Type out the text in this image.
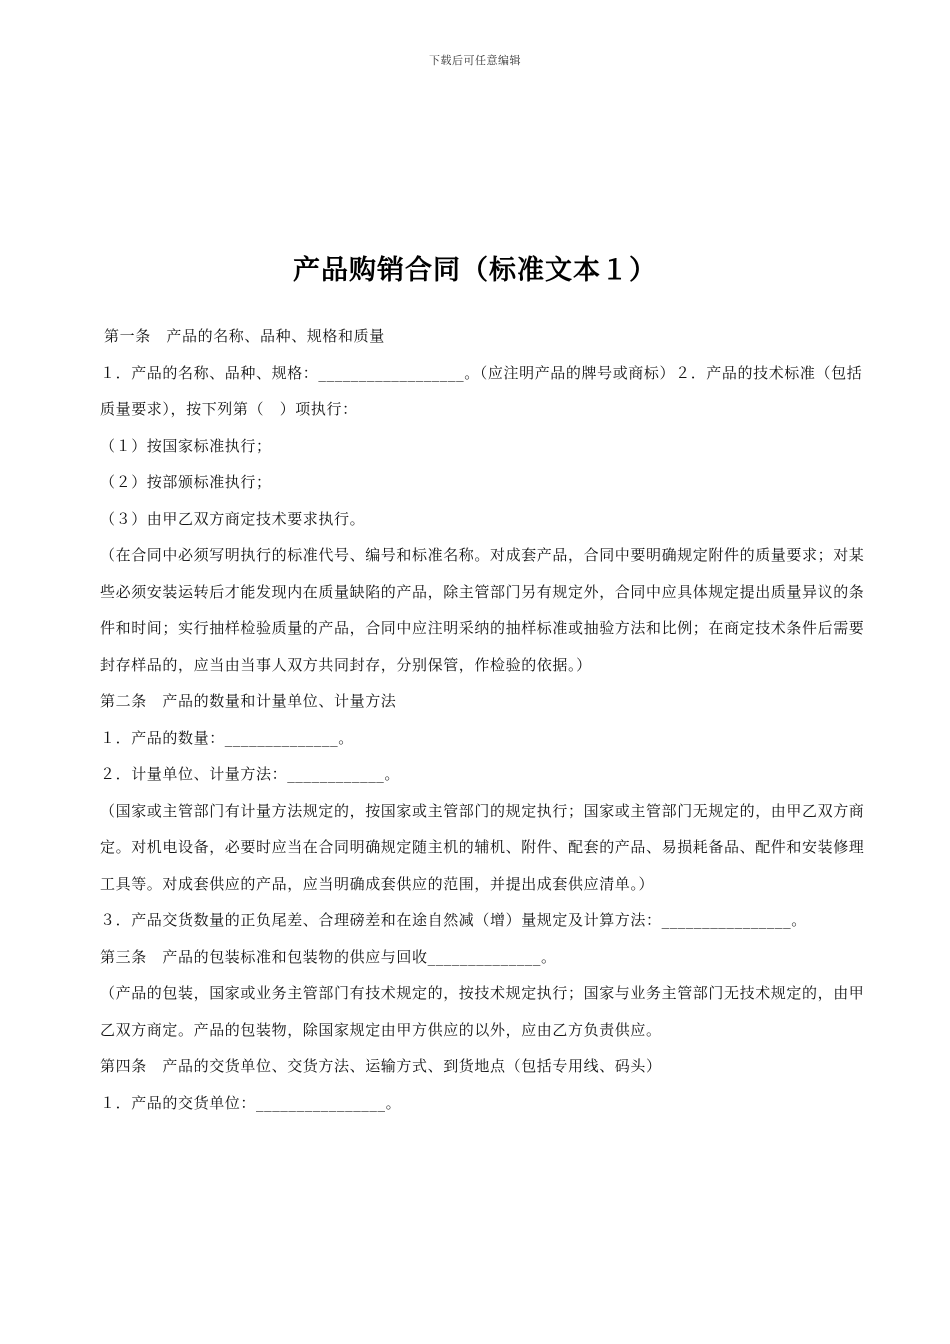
下载后可任意编辑
产品购销合同（标准文本１）

第一条　产品的名称、品种、规格和质量

１．产品的名称、品种、规格：__________________。（应注明产品的牌号或商标）２．产品的技术标准（包括质量要求），按下列第（　）项执行：

（１）按国家标准执行；

（２）按部颁标准执行；

（３）由甲乙双方商定技术要求执行。

（在合同中必须写明执行的标准代号、编号和标准名称。对成套产品，合同中要明确规定附件的质量要求；对某些必须安装运转后才能发现内在质量缺陷的产品，除主管部门另有规定外，合同中应具体规定提出质量异议的条件和时间；实行抽样检验质量的产品，合同中应注明采纳的抽样标准或抽验方法和比例；在商定技术条件后需要封存样品的，应当由当事人双方共同封存，分别保管，作检验的依据。）

第二条　产品的数量和计量单位、计量方法

１．产品的数量：______________。

２．计量单位、计量方法：____________。

（国家或主管部门有计量方法规定的，按国家或主管部门的规定执行；国家或主管部门无规定的，由甲乙双方商定。对机电设备，必要时应当在合同明确规定随主机的辅机、附件、配套的产品、易损耗备品、配件和安装修理工具等。对成套供应的产品，应当明确成套供应的范围，并提出成套供应清单。）

３．产品交货数量的正负尾差、合理磅差和在途自然减（增）量规定及计算方法：________________。

第三条　产品的包装标准和包装物的供应与回收______________。

（产品的包装，国家或业务主管部门有技术规定的，按技术规定执行；国家与业务主管部门无技术规定的，由甲乙双方商定。产品的包装物，除国家规定由甲方供应的以外，应由乙方负责供应。

第四条　产品的交货单位、交货方法、运输方式、到货地点（包括专用线、码头）

１．产品的交货单位：________________。
